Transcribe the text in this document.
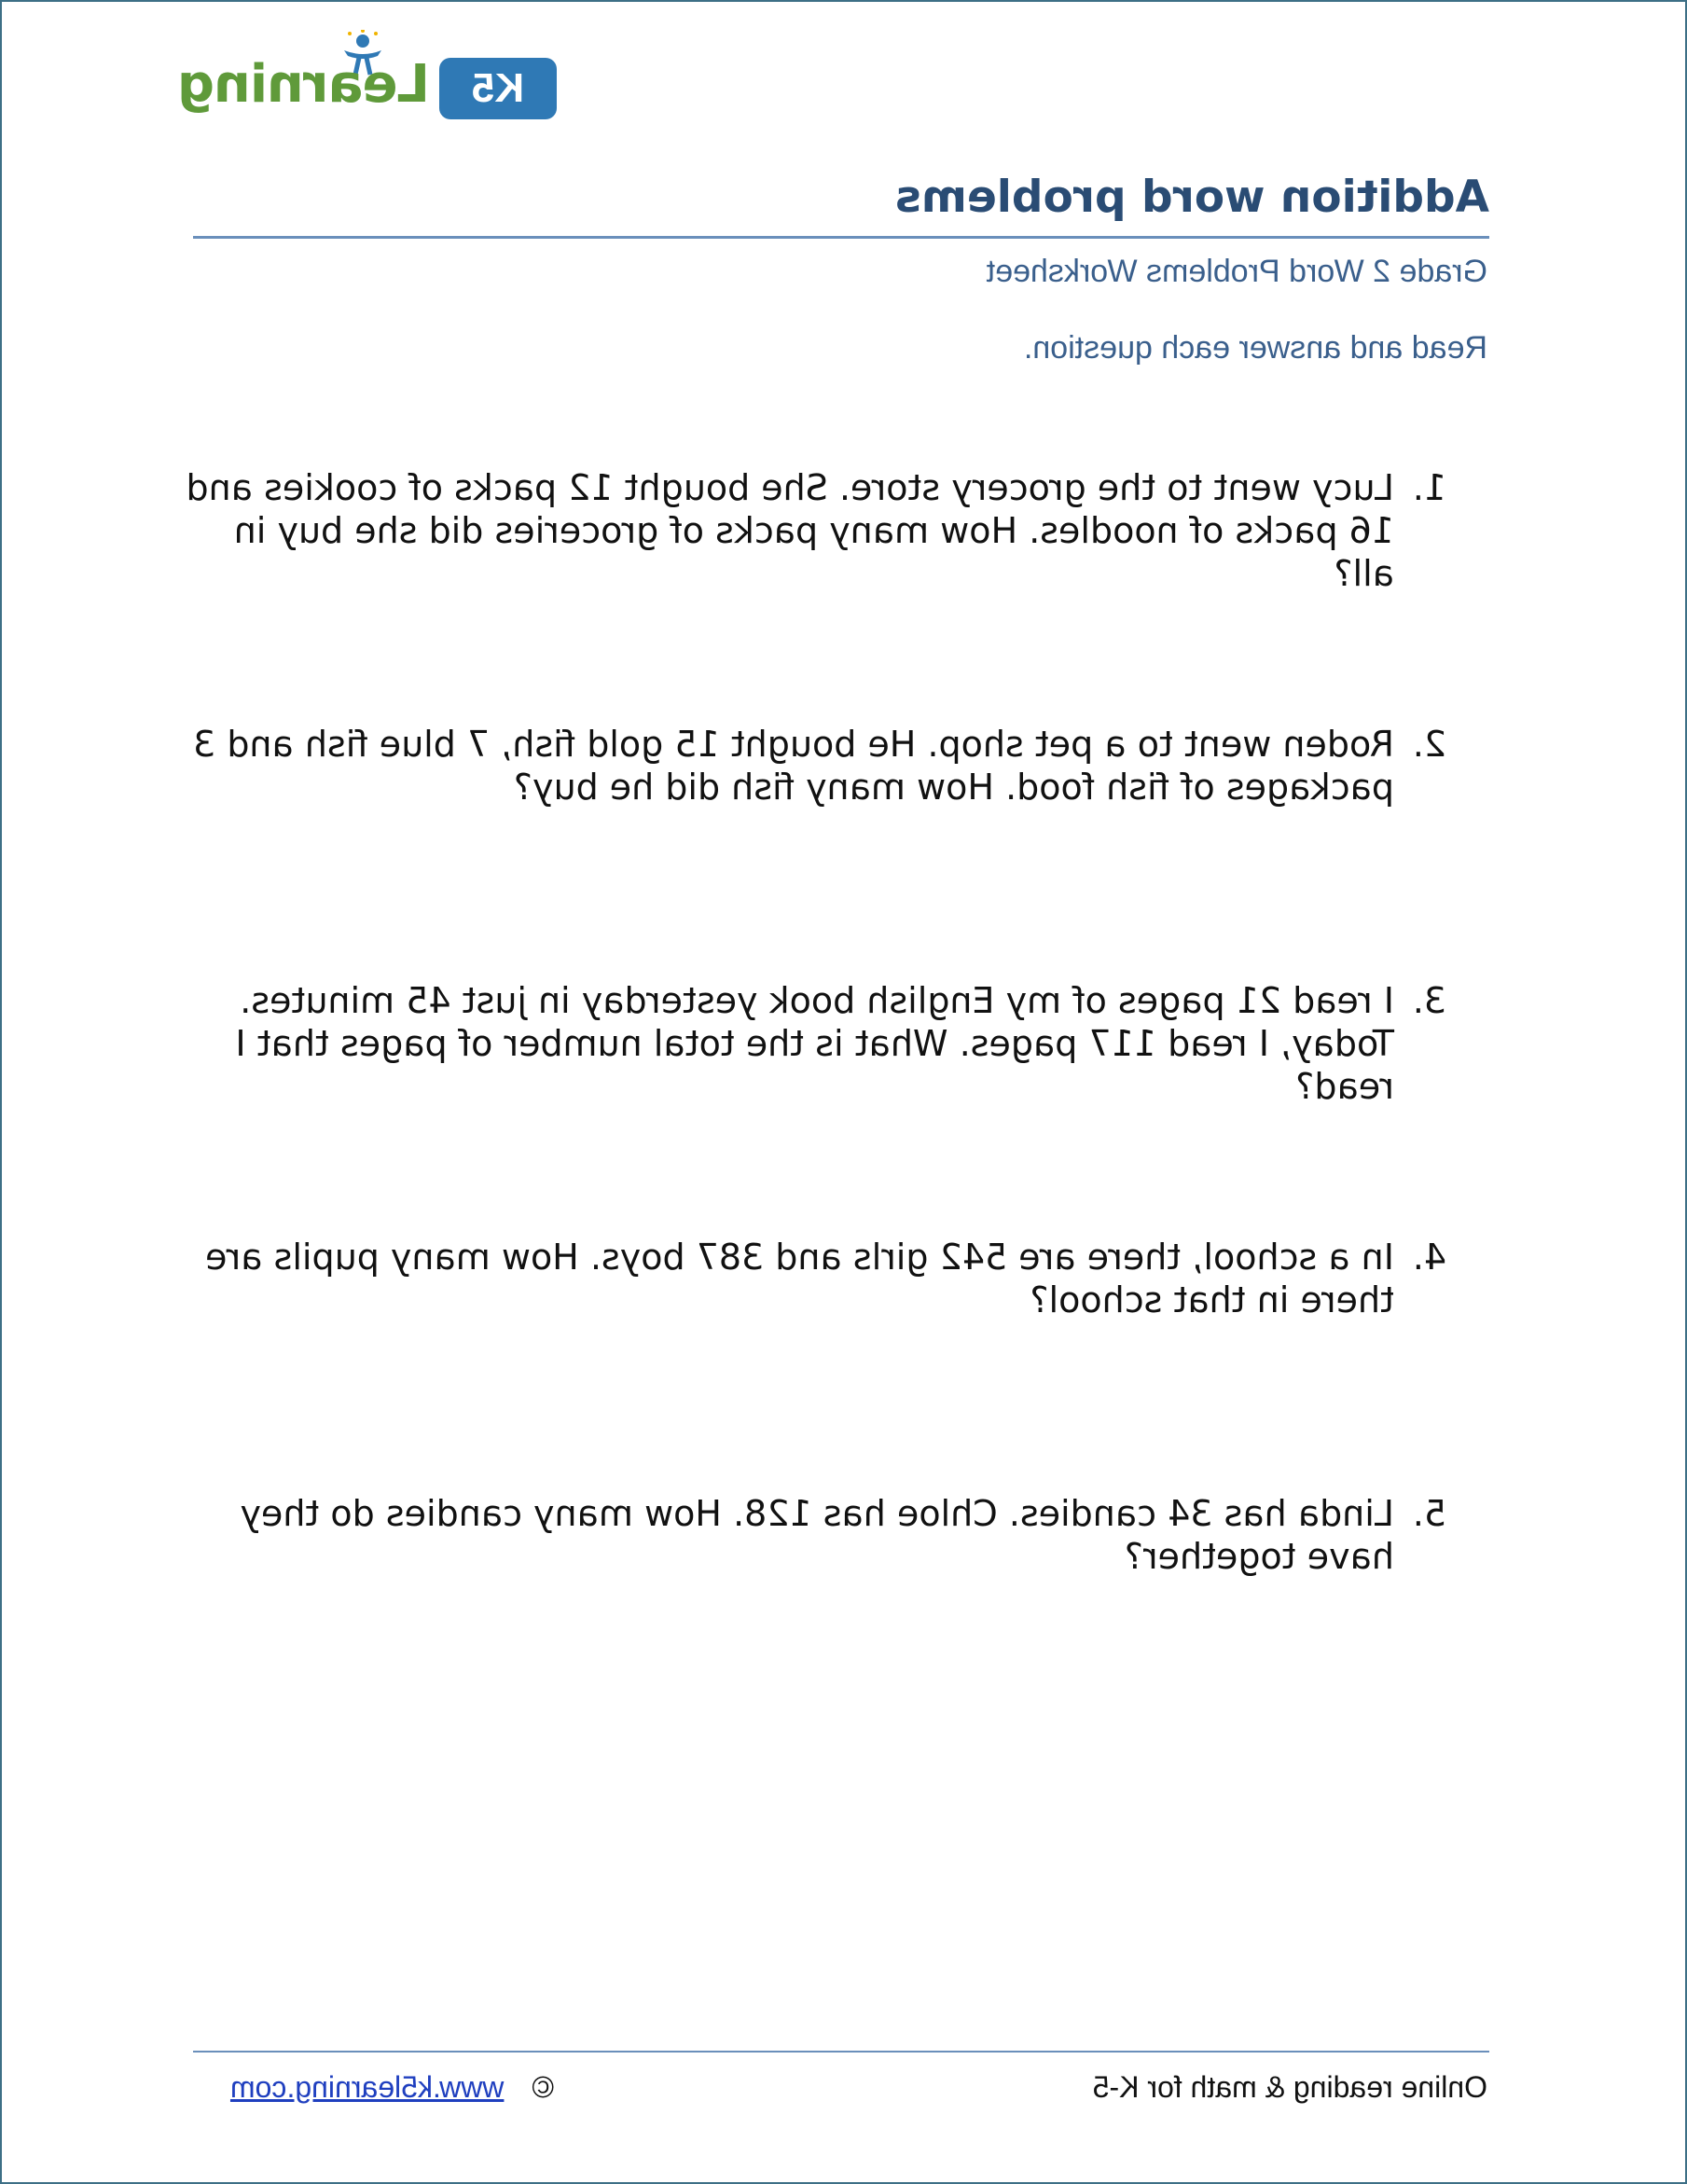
K5
Learning
Addition word problems
Grade 2 Word Problems Worksheet
Read and answer each question.
1.
Lucy went to the grocery store. She bought 12 packs of cookies and 16 packs of noodles. How many packs of groceries did she buy in all?
2.
Roden went to a pet shop. He bought 15 gold fish, 7 blue fish and 3 packages of fish food. How many fish did he buy?
3.
I read 21 pages of my English book yesterday in just 45 minutes. Today, I read 117 pages. What is the total number of pages that I read?
4.
In a school, there are 542 girls and 387 boys. How many pupils are there in that school?
5.
Linda has 34 candies. Chloe has 128. How many candies do they have together?
Online reading & math for K-5
©
www.k5learning.com
